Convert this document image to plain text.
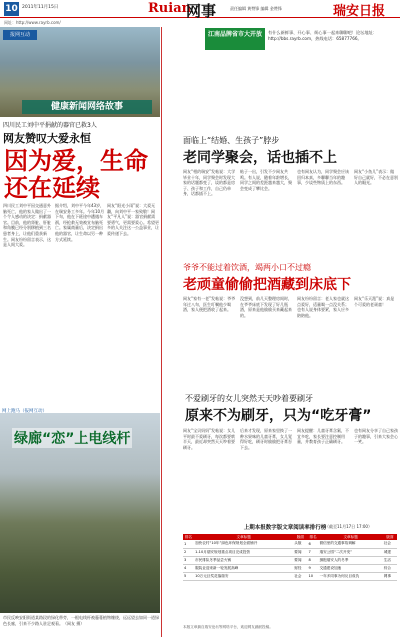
10 2011年11月15日	Ruian
网事	责任编辑 黄赞锋 编辑 金赞锋	瑞安日报
网址：http://www.rayrb.com/
报网互动
健康新闻网络故事
四川民工刘中平捐献的器官已救3人
网友赞叹大爱永恒
因为爱，生命还在延续
四川民工刘中平因交通意外脑死亡，他的家人做出了一个令人感动的决定：捐献器官。目前，他的肾脏、肝脏和角膜已经分别移植到三名患者身上，让他们重获新生。网友纷纷留言表示，这是人间大爱。
据介绍，刘中平今年43岁，在瑞安务工多年。今年10月下旬，他在下班途中遭遇车祸，经抢救无效被宣布脑死亡。家属商量后，决定捐出他的器官，让生命以另一种方式延续。
网友“阳光小雨”说：大爱无疆，向刘中平一家致敬！网友“平凡人”说：器官捐献需要勇气，更需要爱心。希望更多的人关注这一公益事业，让爱传递下去。
网上跑马（报网互动）
绿廊“恋”上电线杆
市民反映安阳街道某路段的绿化带旁，一根电线杆被藤蔓植物缠绕，远远望去如同一道绿色长廊，引来不少路人驻足观看。（网友 摄）
江南品牌省市大开放	有什么新鲜事、开心事、烦心事一起来聊聊吧！论坛地址：http://bbs.rayrb.com，热线电话：65877766。
面临上“结婚、生孩子”脖步
老同学聚会，话也插不上
网友“相约瑞安”发帖说：大学毕业十年，同学聚会时发现大家的话题都变了，谈的都是房子、孩子和工作，自己仍单身，话都插不上。
帖子一出，引发不少网友共鸣。有人说，随着年龄增长，同学之间的差距越来越大，聚会变成了攀比会。
也有网友认为，同学聚会应该回归本真，多聊聊当年的趣事，少谈些物质上的东西。
网友“小鱼儿”表示：做好自己就好，不必在意别人的眼光。
爷爷不能过着饮酒，竭两小口不过瘾
老顽童偷偷把酒藏到床底下
网友“家有一老”发帖说：爷爷年过八旬，医生叮嘱他少喝酒，家人便把酒收了起来。
没想到，前几天整理房间时，在爷爷床底下发现了好几瓶酒，原来是他偷偷买来藏起来的。
网友纷纷留言：老人家也就这点爱好，适量喝一点没关系；也有人说身体要紧，家人应多陪陪他。
网友“乐天派”说：真是个可爱的老顽童！
不爱刷牙的女儿突然天天吵着要刷牙
原来不为刷牙，只为“吃牙膏”
网友“宝贝妈妈”发帖说：女儿平时最不爱刷牙，每次都要哄半天，最近却突然天天吵着要刷牙。
后来才发现，原来家里换了一种水果味的儿童牙膏，女儿觉得好吃，刷牙时偷偷把牙膏吞下去。
网友提醒：儿童牙膏含氟，不宜多吃，家长要注意控制用量，并教育孩子正确刷牙。
也有网友分享了自己家孩子的趣事，引来大家会心一笑。
上期本报数字版文章阅读率排行榜
（截至11月17日 17:00）
排名	文章标题	版面	排名	文章标题	版面
1	加快农村“10年”绿色环保规划全面铺开	头版	6	微信里的交通事故调解	社会
2	1-10月瑞安规划重点项目完成投资	要闻	7	瑞安公园“二次开发”	城建
3	市民排队冬季品尝火锅	要闻	8	拥抱瑞安人的冬季	生活
4	服装业迎来新一轮发展高峰	财经	9	交通建设加速	综合
5	10万元巨奖花落瑞安	社会	10	一年多同事为何反目成仇	网事
本版文章摘自瑞安论坛等网络平台，欢迎网友踊跃投稿。
